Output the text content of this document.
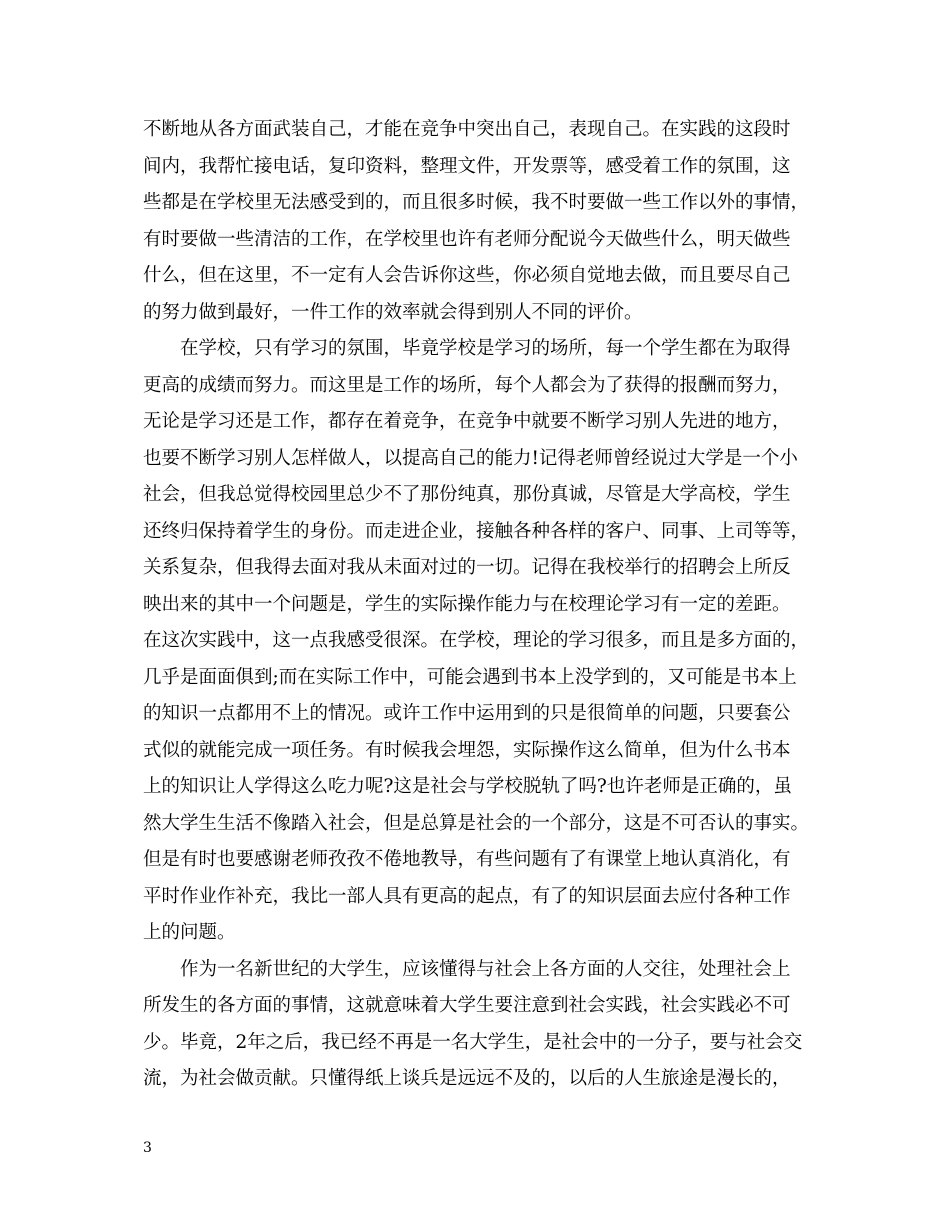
不断地从各方面武装自己，才能在竞争中突出自己，表现自己。在实践的这段时
间内，我帮忙接电话，复印资料，整理文件，开发票等，感受着工作的氛围，这
些都是在学校里无法感受到的，而且很多时候，我不时要做一些工作以外的事情，
有时要做一些清洁的工作，在学校里也许有老师分配说今天做些什么，明天做些
什么，但在这里，不一定有人会告诉你这些，你必须自觉地去做，而且要尽自己
的努力做到最好，一件工作的效率就会得到别人不同的评价。
　　在学校，只有学习的氛围，毕竟学校是学习的场所，每一个学生都在为取得
更高的成绩而努力。而这里是工作的场所，每个人都会为了获得的报酬而努力，
无论是学习还是工作，都存在着竞争，在竞争中就要不断学习别人先进的地方，
也要不断学习别人怎样做人，以提高自己的能力!记得老师曾经说过大学是一个小
社会，但我总觉得校园里总少不了那份纯真，那份真诚，尽管是大学高校，学生
还终归保持着学生的身份。而走进企业，接触各种各样的客户、同事、上司等等，
关系复杂，但我得去面对我从未面对过的一切。记得在我校举行的招聘会上所反
映出来的其中一个问题是，学生的实际操作能力与在校理论学习有一定的差距。
在这次实践中，这一点我感受很深。在学校，理论的学习很多，而且是多方面的，
几乎是面面俱到;而在实际工作中，可能会遇到书本上没学到的，又可能是书本上
的知识一点都用不上的情况。或许工作中运用到的只是很简单的问题，只要套公
式似的就能完成一项任务。有时候我会埋怨，实际操作这么简单，但为什么书本
上的知识让人学得这么吃力呢?这是社会与学校脱轨了吗?也许老师是正确的，虽
然大学生生活不像踏入社会，但是总算是社会的一个部分，这是不可否认的事实。
但是有时也要感谢老师孜孜不倦地教导，有些问题有了有课堂上地认真消化，有
平时作业作补充，我比一部人具有更高的起点，有了的知识层面去应付各种工作
上的问题。
　　作为一名新世纪的大学生，应该懂得与社会上各方面的人交往，处理社会上
所发生的各方面的事情，这就意味着大学生要注意到社会实践，社会实践必不可
少。毕竟，2年之后，我已经不再是一名大学生，是社会中的一分子，要与社会交
流，为社会做贡献。只懂得纸上谈兵是远远不及的，以后的人生旅途是漫长的，
3
